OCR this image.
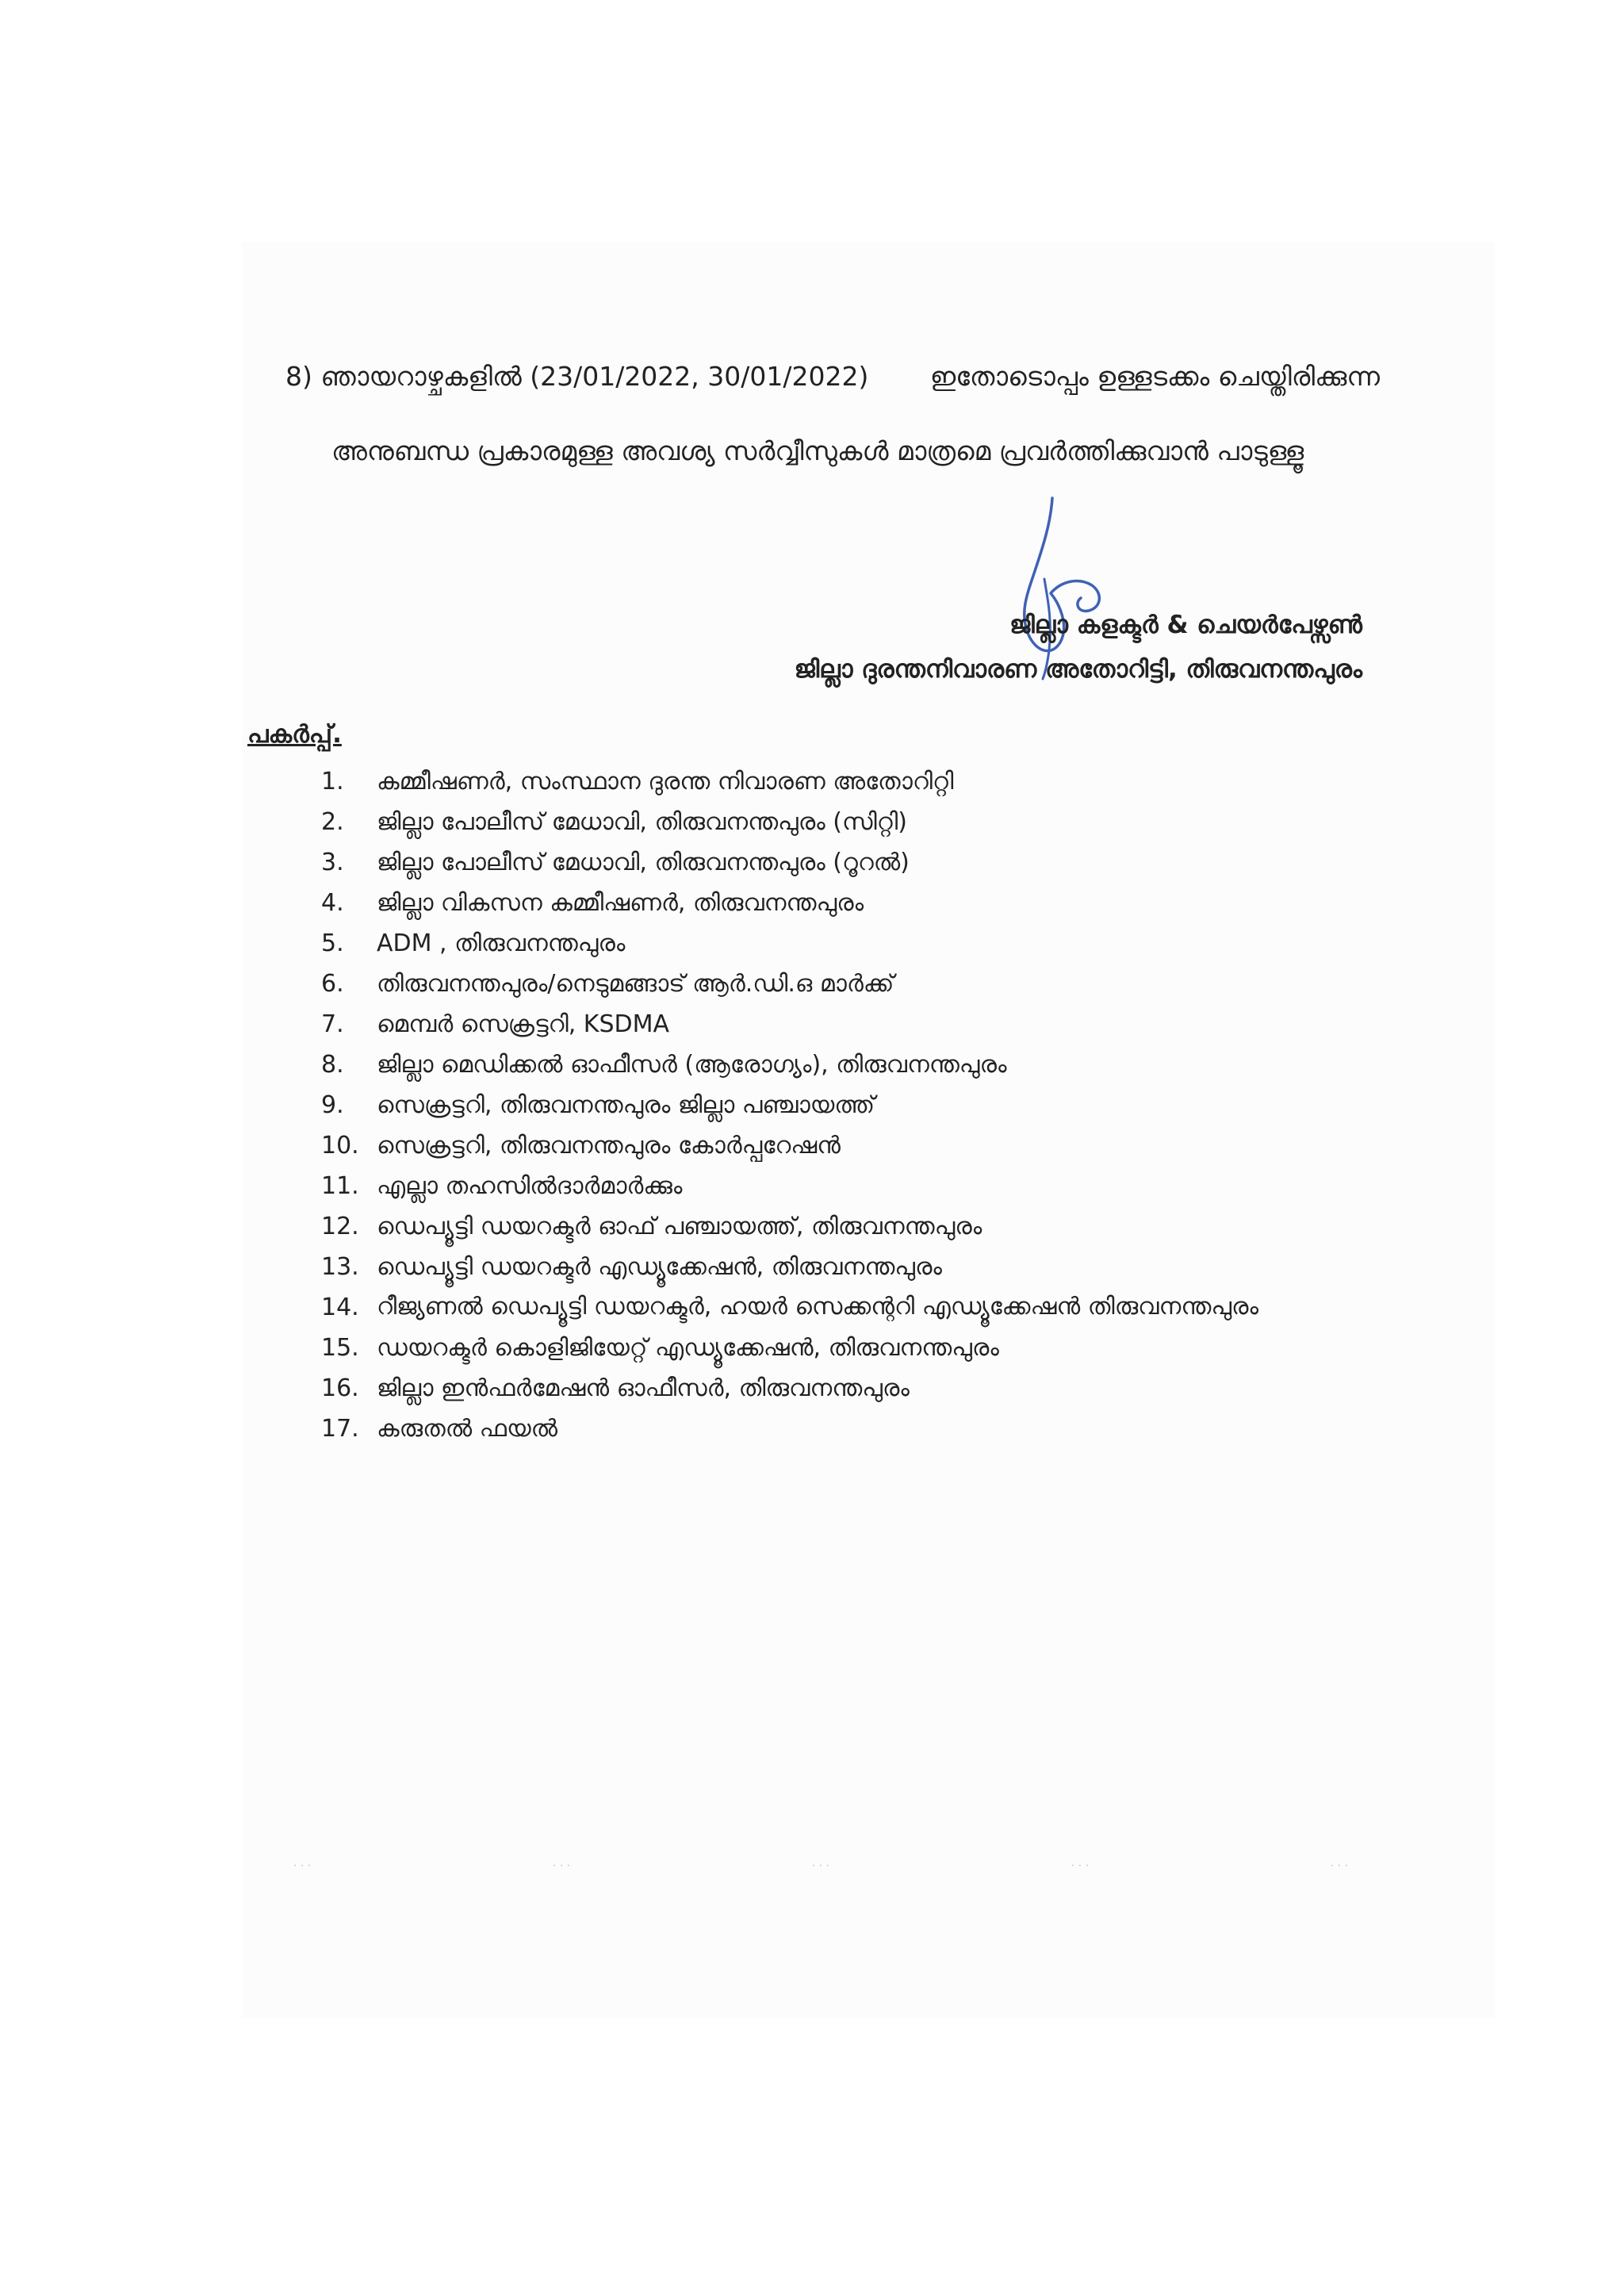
8) ഞായറാഴ്ചകളിൽ (23/01/2022, 30/01/2022) ഇതോടൊപ്പം ഉള്ളടക്കം ചെയ്തിരിക്കുന്ന
അനുബന്ധ പ്രകാരമുള്ള അവശ്യ സർവ്വീസുകൾ മാത്രമെ പ്രവർത്തിക്കുവാൻ പാടുള്ളൂ
ജില്ലാ കളക്ടർ & ചെയർപേഴ്സൺ
ജില്ലാ ദുരന്തനിവാരണ അതോറിട്ടി, തിരുവനന്തപുരം
പകർപ്പ്.
1.	കമ്മീഷണർ, സംസ്ഥാന ദുരന്ത നിവാരണ അതോറിറ്റി
2.	ജില്ലാ പോലീസ് മേധാവി, തിരുവനന്തപുരം (സിറ്റി)
3.	ജില്ലാ പോലീസ് മേധാവി, തിരുവനന്തപുരം (റൂറൽ)
4.	ജില്ലാ വികസന കമ്മീഷണർ, തിരുവനന്തപുരം
5.	ADM , തിരുവനന്തപുരം
6.	തിരുവനന്തപുരം/നെടുമങ്ങാട് ആർ.ഡി.ഒ മാർക്ക്
7.	മെമ്പർ സെക്രട്ടറി, KSDMA
8.	ജില്ലാ മെഡിക്കൽ ഓഫീസർ (ആരോഗ്യം), തിരുവനന്തപുരം
9.	സെക്രട്ടറി, തിരുവനന്തപുരം ജില്ലാ പഞ്ചായത്ത്
10. സെക്രട്ടറി, തിരുവനന്തപുരം കോർപ്പറേഷൻ
11. എല്ലാ തഹസിൽദാർമാർക്കും
12. ഡെപ്യൂട്ടി ഡയറക്ടർ ഓഫ് പഞ്ചായത്ത്, തിരുവനന്തപുരം
13. ഡെപ്യൂട്ടി ഡയറക്ടർ എഡ്യൂക്കേഷൻ, തിരുവനന്തപുരം
14. റീജ്യണൽ ഡെപ്യൂട്ടി ഡയറക്ടർ, ഹയർ സെക്കന്ററി എഡ്യൂക്കേഷൻ തിരുവനന്തപുരം
15. ഡയറക്ടർ കൊളിജിയേറ്റ് എഡ്യൂക്കേഷൻ, തിരുവനന്തപുരം
16. ജില്ലാ ഇൻഫർമേഷൻ ഓഫീസർ, തിരുവനന്തപുരം
17. കരുതൽ ഫയൽ
· · ·	· · ·	· · ·	· · ·	· · ·
